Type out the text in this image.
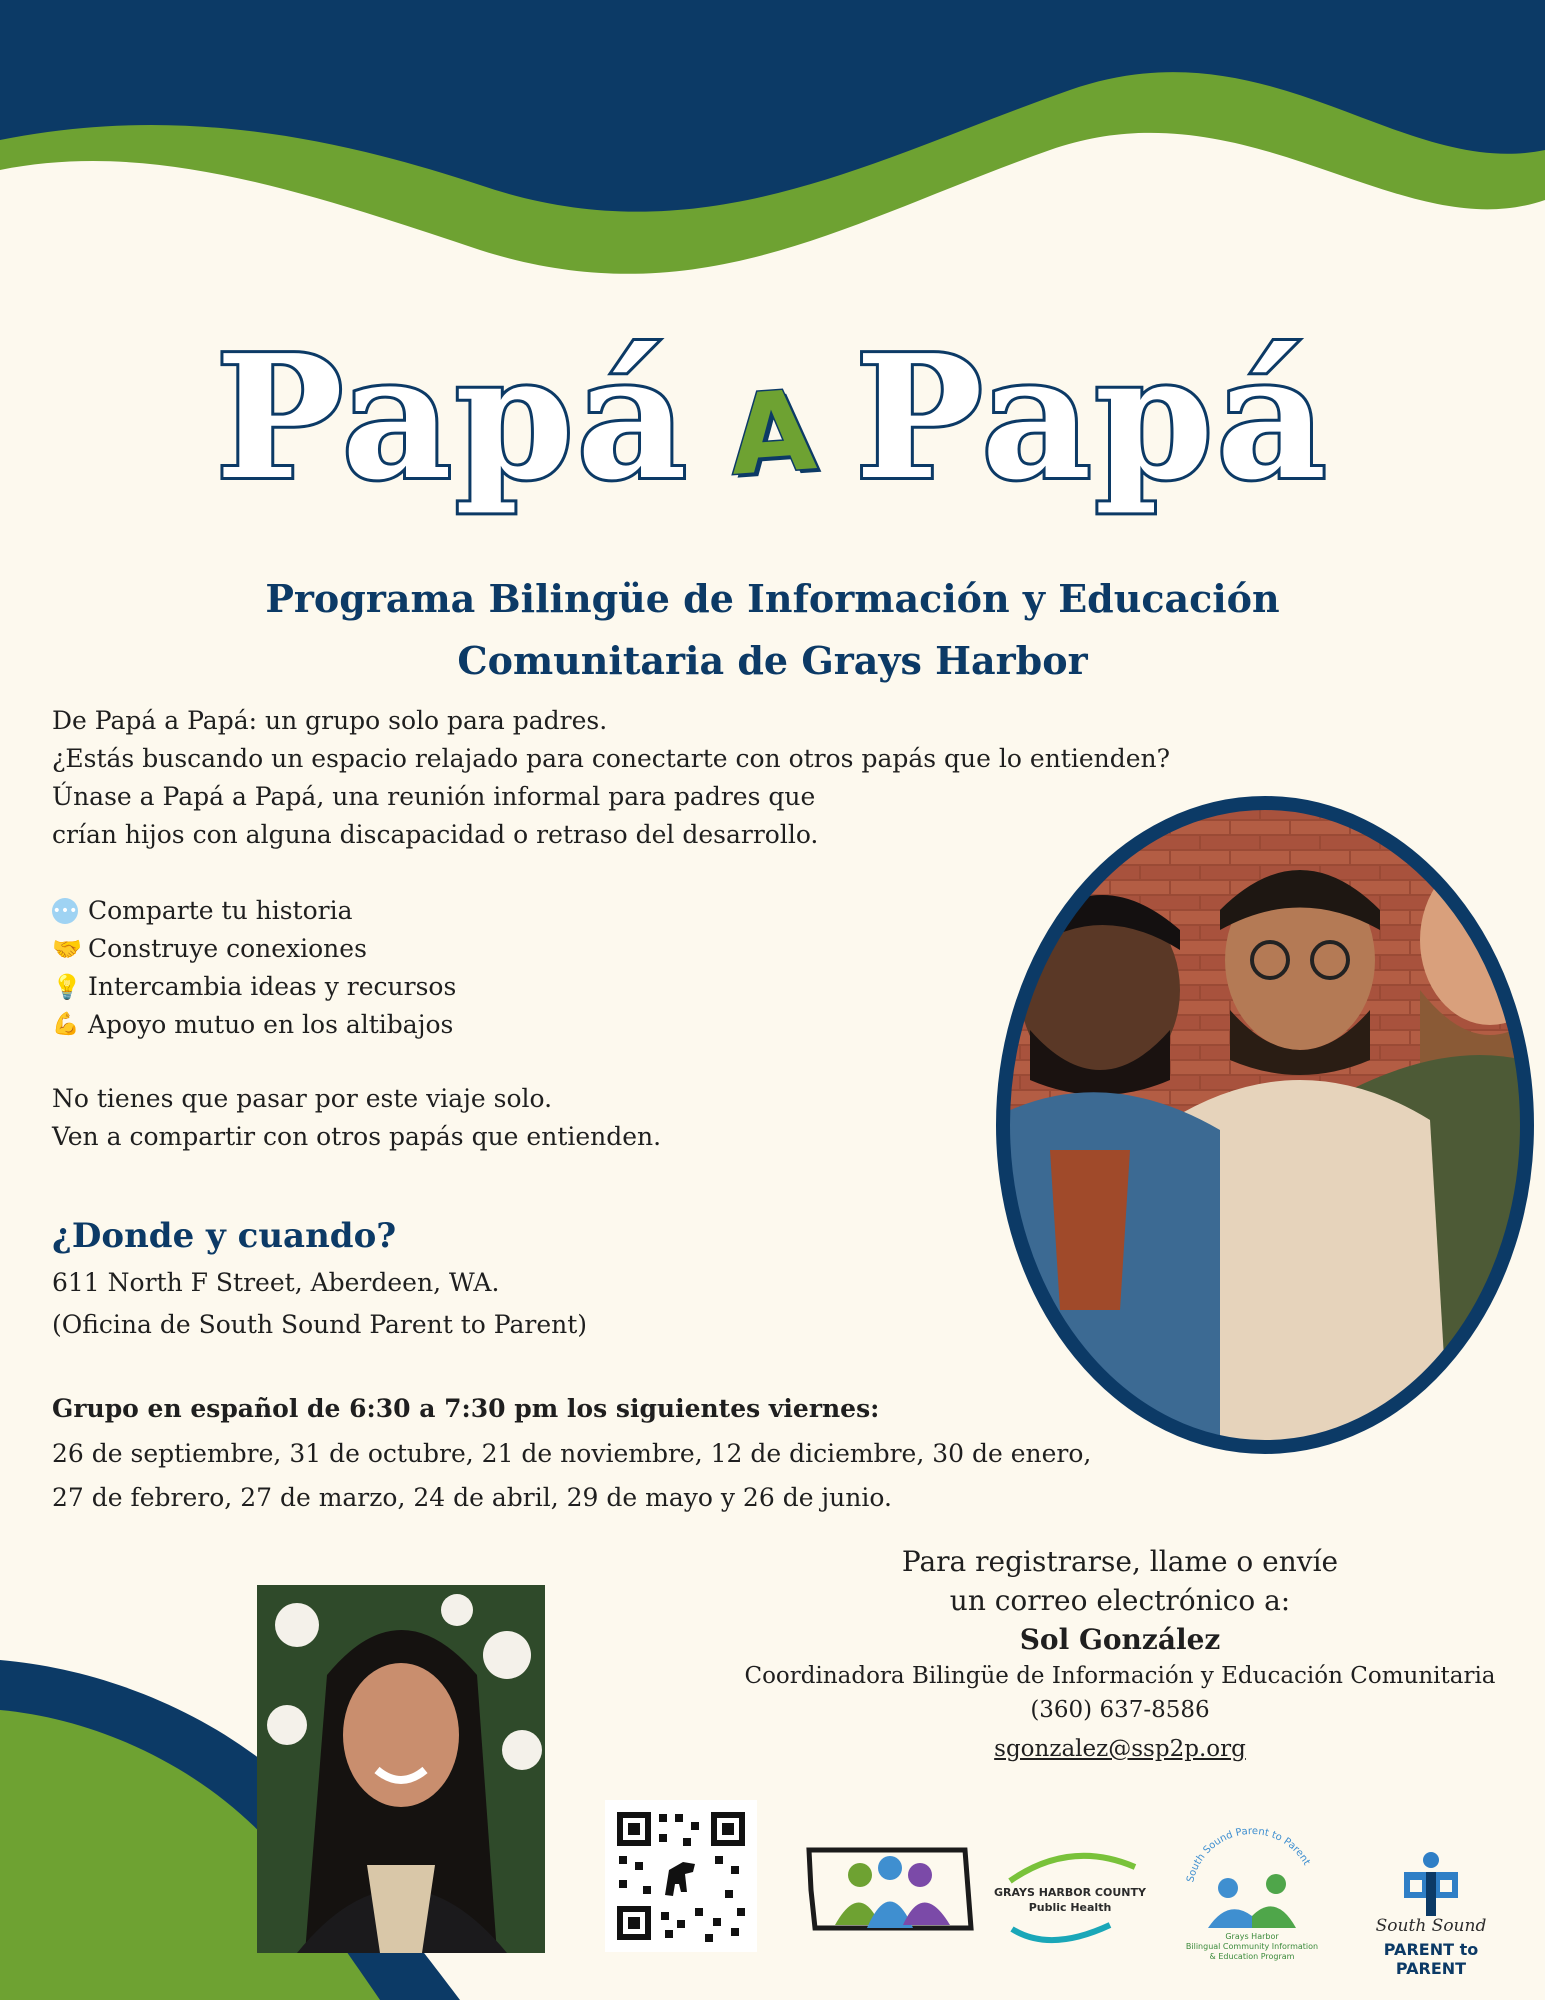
Papá A Papá
Programa Bilingüe de Información y Educación
Comunitaria de Grays Harbor

De Papá a Papá: un grupo solo para padres.

¿Estás buscando un espacio relajado para conectarte con otros papás que lo entienden?

Únase a Papá a Papá, una reunión informal para padres que

crían hijos con alguna discapacidad o retraso del desarrollo.

••• Comparte tu historia
🤝 Construye conexiones
💡 Intercambia ideas y recursos
💪 Apoyo mutuo en los altibajos

No tienes que pasar por este viaje solo.

Ven a compartir con otros papás que entienden.

¿Donde y cuando?

611 North F Street, Aberdeen, WA.

(Oficina de South Sound Parent to Parent)

Grupo en español de 6:30 a 7:30 pm los siguientes viernes:

26 de septiembre, 31 de octubre, 21 de noviembre, 12 de diciembre, 30 de enero,

27 de febrero, 27 de marzo, 24 de abril, 29 de mayo y 26 de junio.

Para registrarse, llame o envíe

un correo electrónico a:

Sol González

Coordinadora Bilingüe de Información y Educación Comunitaria

(360) 637-8586

sgonzalez@ssp2p.org

GRAYS HARBOR COUNTY
Public Health
South Sound Parent to Parent
Grays Harbor
Bilingual Community Information
& Education Program
South Sound
PARENT to PARENT
